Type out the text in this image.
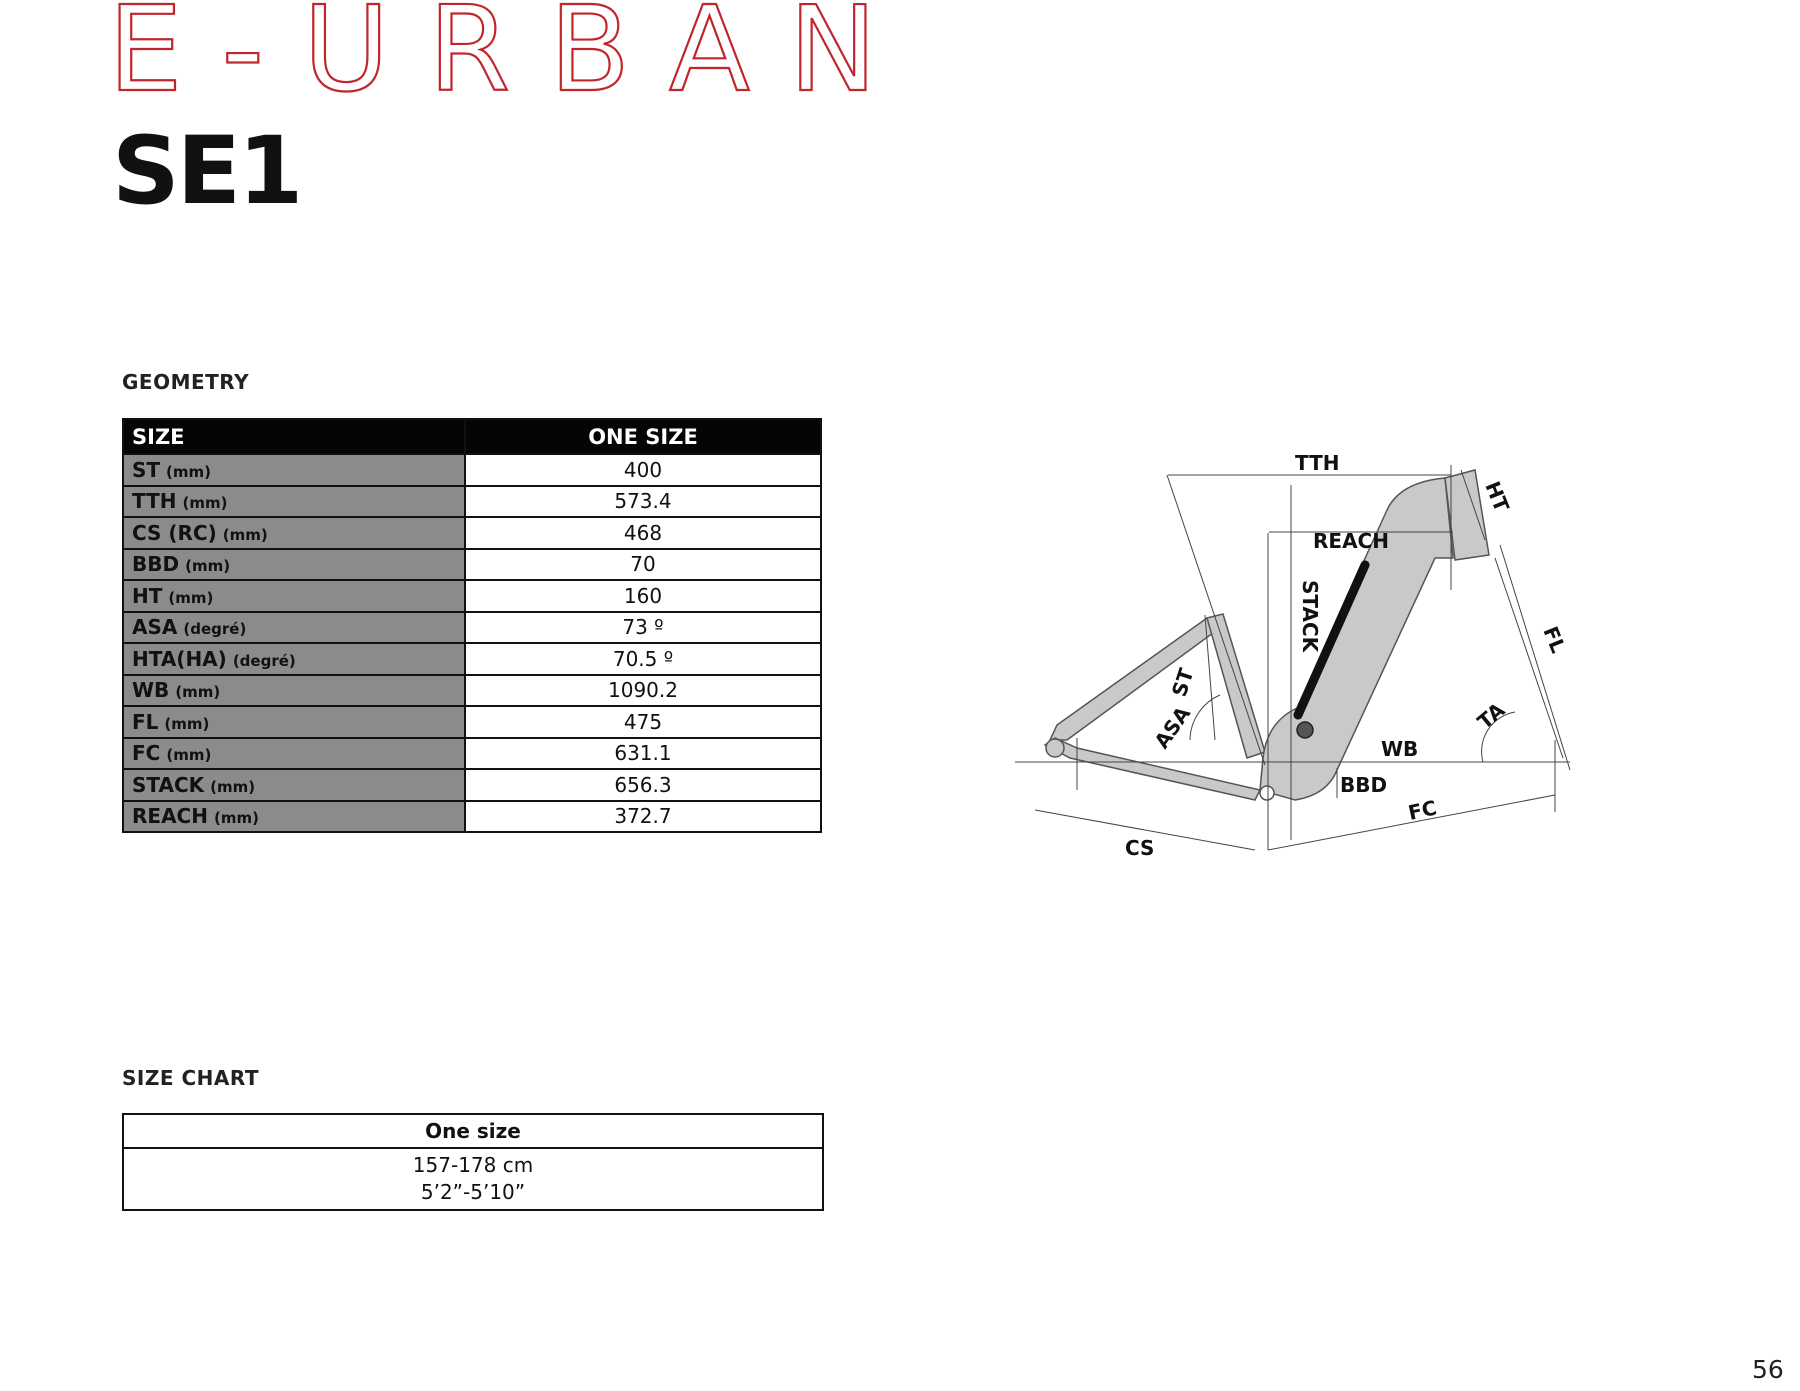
E-URBAN
SE1
GEOMETRY
SIZE	ONE SIZE
ST (mm)	400
TTH (mm)	573.4
CS (RC) (mm)	468
BBD (mm)	70
HT (mm)	160
ASA (degré)	73 º
HTA(HA) (degré)	70.5 º
WB (mm)	1090.2
FL (mm)	475
FC (mm)	631.1
STACK (mm)	656.3
REACH (mm)	372.7
SIZE CHART
One size
157-178 cm
5’2”-5’10”
TTH
HT
REACH
STACK
ST
ASA
FL
TA
WB
BBD
FC
CS

56
